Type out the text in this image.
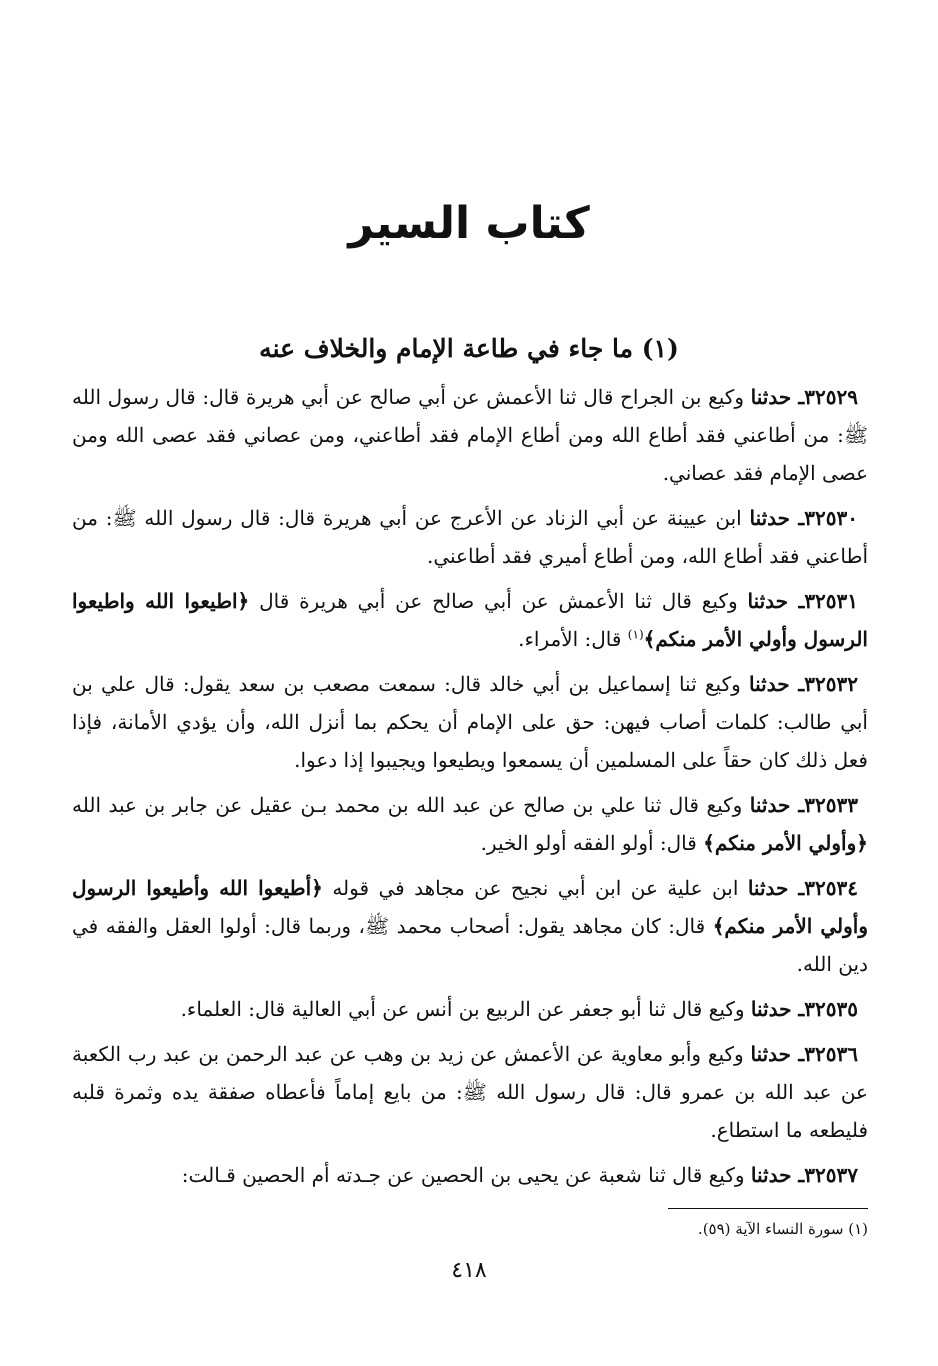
كتاب السير
(١) ما جاء في طاعة الإمام والخلاف عنه

٣٢٥٢٩ـ حدثنا وكيع بن الجراح قال ثنا الأعمش عن أبي صالح عن أبي هريرة قال: قال رسول الله ﷺ: من أطاعني فقد أطاع الله ومن أطاع الإمام فقد أطاعني، ومن عصاني فقد عصى الله ومن عصى الإمام فقد عصاني.

٣٢٥٣٠ـ حدثنا ابن عيينة عن أبي الزناد عن الأعرج عن أبي هريرة قال: قال رسول الله ﷺ: من أطاعني فقد أطاع الله، ومن أطاع أميري فقد أطاعني.

٣٢٥٣١ـ حدثنا وكيع قال ثنا الأعمش عن أبي صالح عن أبي هريرة قال ﴿اطيعوا الله واطيعوا الرسول وأولي الأمر منكم﴾$^{(١)}$ قال: الأمراء.

٣٢٥٣٢ـ حدثنا وكيع ثنا إسماعيل بن أبي خالد قال: سمعت مصعب بن سعد يقول: قال علي بن أبي طالب: كلمات أصاب فيهن: حق على الإمام أن يحكم بما أنزل الله، وأن يؤدي الأمانة، فإذا فعل ذلك كان حقاً على المسلمين أن يسمعوا ويطيعوا ويجيبوا إذا دعوا.

٣٢٥٣٣ـ حدثنا وكيع قال ثنا علي بن صالح عن عبد الله بن محمد بـن عقيل عن جابر بن عبد الله ﴿وأولي الأمر منكم﴾ قال: أولو الفقه أولو الخير.

٣٢٥٣٤ـ حدثنا ابن علية عن ابن أبي نجيح عن مجاهد في قوله ﴿أطيعوا الله وأطيعوا الرسول وأولي الأمر منكم﴾ قال: كان مجاهد يقول: أصحاب محمد ﷺ، وربما قال: أولوا العقل والفقه في دين الله.

٣٢٥٣٥ـ حدثنا وكيع قال ثنا أبو جعفر عن الربيع بن أنس عن أبي العالية قال: العلماء.

٣٢٥٣٦ـ حدثنا وكيع وأبو معاوية عن الأعمش عن زيد بن وهب عن عبد الرحمن بن عبد رب الكعبة عن عبد الله بن عمرو قال: قال رسول الله ﷺ: من بايع إماماً فأعطاه صفقة يده وثمرة قلبه فليطعه ما استطاع.

٣٢٥٣٧ـ حدثنا وكيع قال ثنا شعبة عن يحيى بن الحصين عن جـدته أم الحصين قـالت:

(١) سورة النساء الآية (٥٩).

٤١٨
